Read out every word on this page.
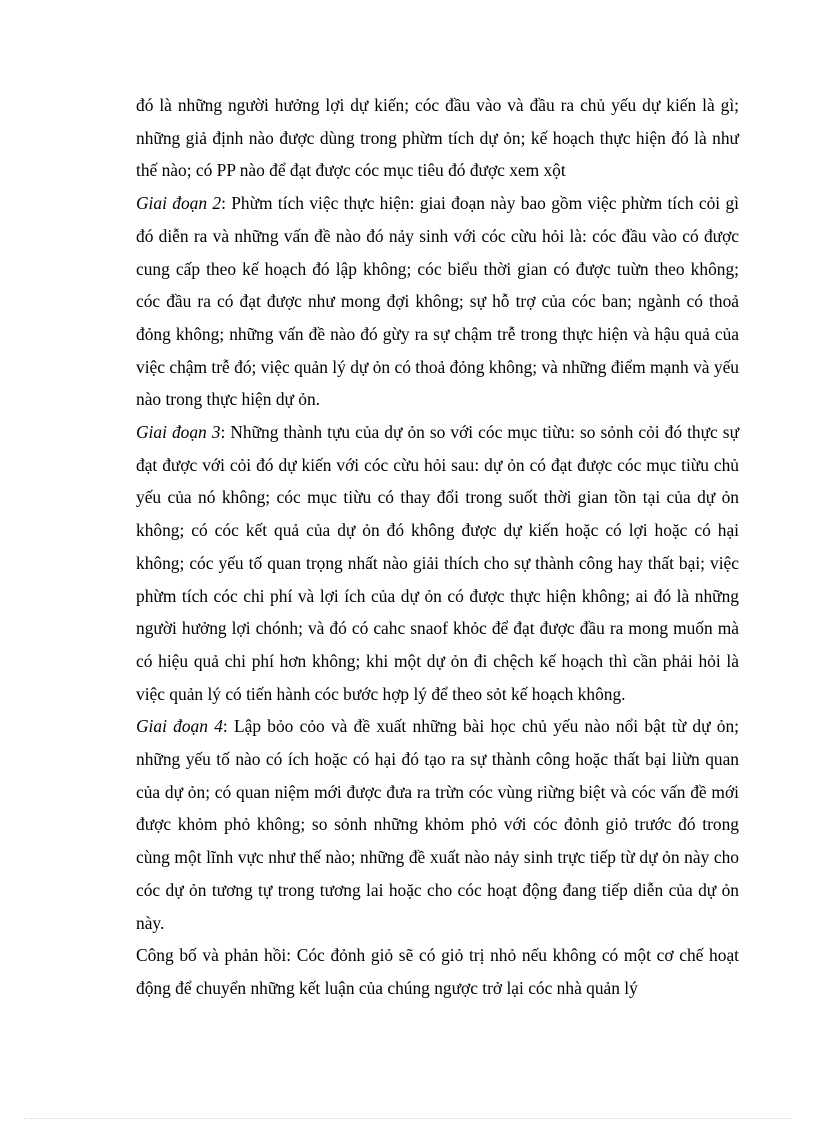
đó là những người hưởng lợi dự kiến; cóc đầu vào và đầu ra chủ yếu dự kiến là gì; những giả định nào được dùng trong phừm tích dự ỏn; kế hoạch thực hiện đó là như thế nào; có PP nào để đạt được cóc mục tiêu đó được xem xột

Giai đoạn 2: Phừm tích việc thực hiện: giai đoạn này bao gồm việc phừm tích cỏi gì đó diễn ra và những vấn đề nào đó nảy sinh với cóc cừu hỏi là: cóc đầu vào có được cung cấp theo kế hoạch đó lập không; cóc biểu thời gian có được tuừn theo không; cóc đầu ra có đạt được như mong đợi không; sự hỗ trợ của cóc ban; ngành có thoả đỏng không; những vấn đề nào đó gừy ra sự chậm trễ trong thực hiện và hậu quả của việc chậm trễ đó; việc quản lý dự ỏn có thoả đỏng không; và những điểm mạnh và yếu nào trong thực hiện dự ỏn.

Giai đoạn 3: Những thành tựu của dự ỏn so với cóc mục tiừu: so sỏnh cỏi đó thực sự đạt được với cỏi đó dự kiến với cóc cừu hỏi sau: dự ỏn có đạt được cóc mục tiừu chủ yếu của nó không; cóc mục tiừu có thay đổi trong suốt thời gian tồn tại của dự ỏn không; có cóc kết quả của dự ỏn đó không được dự kiến hoặc có lợi hoặc có hại không; cóc yếu tố quan trọng nhất nào giải thích cho sự thành công hay thất bại; việc phừm tích cóc chi phí và lợi ích của dự ỏn có được thực hiện không; ai đó là những người hưởng lợi chónh; và đó có cahc snaof khỏc để đạt được đầu ra mong muốn mà có hiệu quả chi phí hơn không; khi một dự ỏn đi chệch kế hoạch thì cần phải hỏi là việc quản lý có tiến hành cóc bước hợp lý để theo sỏt kế hoạch không.

Giai đoạn 4: Lập bỏo cỏo và đề xuất những bài học chủ yếu nào nổi bật từ dự ỏn; những yếu tố nào có ích hoặc có hại đó tạo ra sự thành công hoặc thất bại liừn quan của dự ỏn; có quan niệm mới được đưa ra trừn cóc vùng riừng biệt và cóc vấn đề mới được khỏm phỏ không; so sỏnh những khỏm phỏ với cóc đỏnh giỏ trước đó trong cùng một lĩnh vực như thế nào; những đề xuất nào nảy sinh trực tiếp từ dự ỏn này cho cóc dự ỏn tương tự trong tương lai hoặc cho cóc hoạt động đang tiếp diễn của dự ỏn này.

Công bố và phản hồi: Cóc đỏnh giỏ sẽ có giỏ trị nhỏ nếu không có một cơ chế hoạt động để chuyển những kết luận của chúng ngược trở lại cóc nhà quản lý
